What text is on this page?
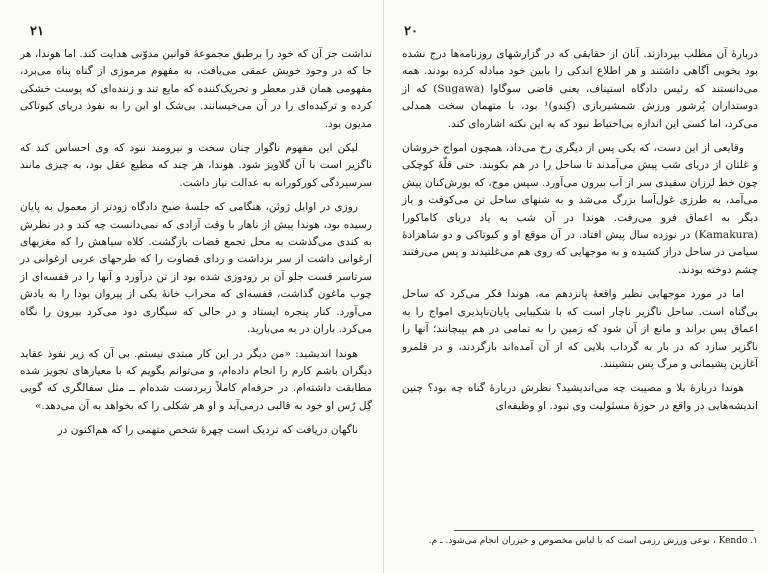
۲۱

نداشت جز آن که خود را برطبق مجموعهٔ قوانین مدوّنی هدایت کند. اما هوندا، هر جا که در وجود خویش عمقی می‌یافت، به مفهوم مرموزی از گناه پناه می‌برد، مفهومی همان قدر معطر و تحریک‌کننده که مایع تند و زننده‌ای که پوست خشکی کرده و ترکیده‌ای را در آن می‌خیسانند. بی‌شک او این را به نفوذ دریای کیوتاکی مدیون بود.

لیکن این مفهوم ناگوار چنان سخت و نیرومند نبود که وی احساس کند که ناگزیر است با آن گلاویز شود. هوندا، هر چند که مطیع عقل بود، به چیزی مانند سرسپردگی کورکورانه به عدالت نیاز داشت.

روزی در اوایل ژوئن، هنگامی که جلسهٔ صبح دادگاه زودتر از معمول به پایان رسیده بود، هوندا پیش از ناهار با وقت آزادی که نمی‌دانست چه کند و در نظرش به کندی می‌گذشت به محل تجمع قضات بازگشت. کلاه سیاهش را که مغزیهای ارغوانی داشت از سر برداشت و ردای قضاوت را که طرحهای عربی ارغوانی در سرتاسر قست جلو آن بر رودوزی شده بود از تن درآورد و آنها را در قفسه‌ای از چوب ماغون گذاشت، قفسه‌ای که محراب خانهٔ یکی از پیروان بودا را به یادش می‌آورد. کنار پنجره ایستاد و در حالی که سیگاری دود می‌کرد بیرون را نگاه می‌کرد. باران در به می‌بارید.

هوندا اندیشید: «من دیگر در این کار مبتدی نیستم. بی آن که زیر نفوذ عقاید دیگران باشم کارم را انجام داده‌ام، و می‌توانم بگویم که با معیارهای تجویز شده مطابقت داشته‌ام. در حرفه‌ام کاملاً زبردست شده‌ام ــ مثل سفالگری که گویی گِل رُس او خود به قالبی درمی‌آید و او هر شکلی را که بخواهد به آن می‌دهد.»

ناگهان دریافت که تردیک است چهرهٔ شخص متهمی را که هم‌اکنون در

۲۰

دربارهٔ آن مطلب بپردازند. آنان از حقایقی که در گزارشهای روزنامه‌ها درج نشده بود بخوبی آگاهی داشتند و هر اطلاع اندکی را بابین خود مبادله کرده بودند. همه می‌دانستند که رئیس دادگاه استیناف، یعنی قاضی سوگاوا (Sugawa) که از دوستداران پُرشور ورزش شمشیربازی (کِندو)¹ بود، با متهمان سخت همدلی می‌کرد، اما کسی این اندازه بی‌احتیاط نبود که به این نکته اشاره‌ای کند.

وقایعی از این دست، که یکی پس از دیگری رخ می‌داد، همچون امواج خروشان و غلتان از دریای شب پیش می‌آمدند تا ساحل را در هم بکوبند. حتی قلّهٔ کوچکی چون خط لرزان سفیدی سر از آب بیرون می‌آورد. سپس موج، که یورش‌کنان پیش می‌آمد، به طرزی غول‌آسا بزرگ می‌شد و به شنهای ساحل تن می‌کوفت و باز دیگر به اعماق فرو می‌رفت. هوندا در آن شب به یاد دریای کاماکورا (Kamakura) در نوزده سال پیش افتاد. در آن موقع او و کیوتاکی و دو شاهزادهٔ سیامی در ساحل دراز کشیده و به موجهایی که روی هم می‌غلتیدند و پس می‌رفتند چشم دوخته بودند.

اما در مورد موجهایی نظیر واقعهٔ پانزدهم مه، هوندا فکر می‌کرد که ساحل بی‌گناه است. ساحل ناگزیر ناچار است که با شکیبایی پایان‌ناپذیری امواج را به اعماق پس براند و مانع از آن شود که زمین را به تمامی در هم بپیچانند؛ آنها را ناگزیر سازد که در بار به گرداب بلایی که از آن آمده‌اند بازگردند، و در قلمرو آغازین پشیمانی و مرگ پس بنشینند.

هوندا دربارهٔ بلا و مصیبت چه می‌اندیشید؟ نظرش دربارهٔ گناه چه بود؟ چنین اندیشه‌هایی در واقع در حوزهٔ مسئولیت وی نبود. او وظیفه‌ای

۱. Kendo ، نوعی ورزش رزمی است که با لباس مخصوص و خیزران انجام می‌شود. ـ م.
